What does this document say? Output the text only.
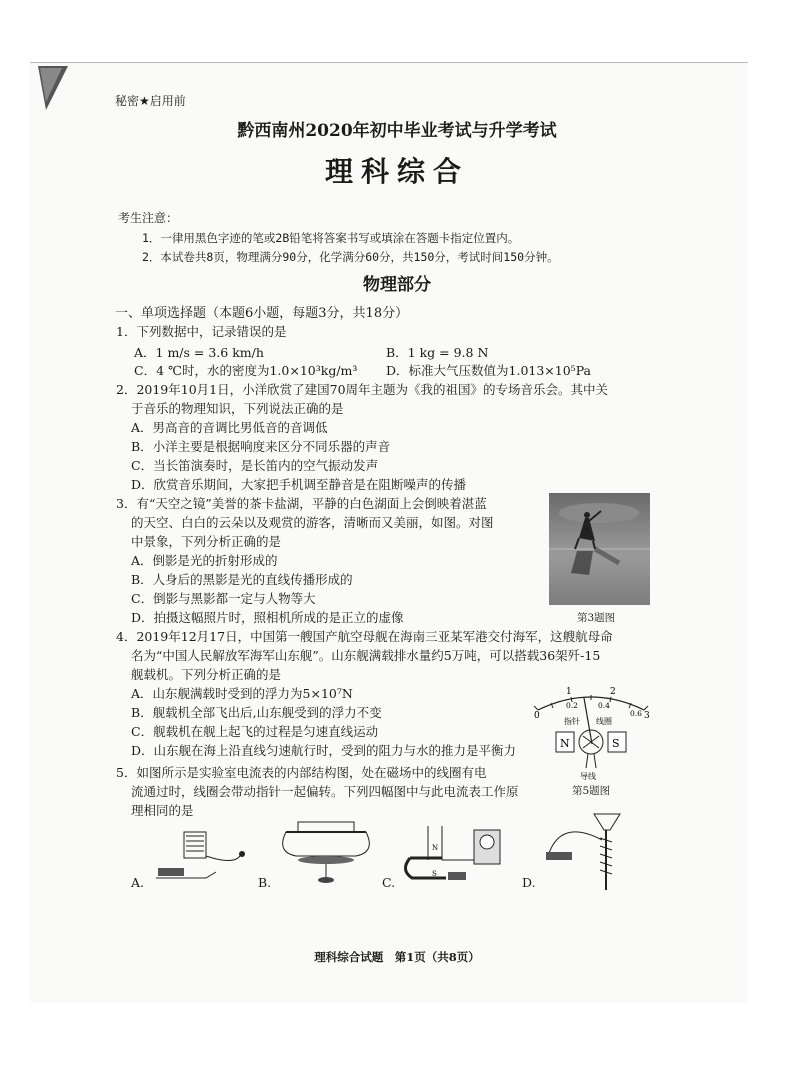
秘密★启用前
黔西南州2020年初中毕业考试与升学考试
理科综合
考生注意：
1．一律用黑色字迹的笔或2B铅笔将答案书写或填涂在答题卡指定位置内。
2．本试卷共8页，物理满分90分，化学满分60分，共150分，考试时间150分钟。
物理部分
一、单项选择题（本题6小题，每题3分，共18分）
1．下列数据中，记录错误的是
A．1 m/s = 3.6 km/h	B．1 kg = 9.8 N
C．4 ℃时，水的密度为1.0×10³kg/m³ D．标准大气压数值为1.013×10⁵Pa
2．2019年10月1日，小洋欣赏了建国70周年主题为《我的祖国》的专场音乐会。其中关
于音乐的物理知识，下列说法正确的是
A．男高音的音调比男低音的音调低
B．小洋主要是根据响度来区分不同乐器的声音
C．当长笛演奏时，是长笛内的空气振动发声
D．欣赏音乐期间，大家把手机调至静音是在阻断噪声的传播
3．有“天空之镜”美誉的茶卡盐湖，平静的白色湖面上会倒映着湛蓝
的天空、白白的云朵以及观赏的游客，清晰而又美丽，如图。对图
中景象，下列分析正确的是
A．倒影是光的折射形成的
B．人身后的黑影是光的直线传播形成的
C．倒影与黑影都一定与人物等大
D．拍摄这幅照片时，照相机所成的是正立的虚像	第3题图
4．2019年12月17日，中国第一艘国产航空母舰在海南三亚某军港交付海军，这艘航母命
名为“中国人民解放军海军山东舰”。山东舰满载排水量约5万吨，可以搭载36架歼-15
舰载机。下列分析正确的是
A．山东舰满载时受到的浮力为5×10⁷N
B．舰载机全部飞出后,山东舰受到的浮力不变
C．舰载机在舰上起飞的过程是匀速直线运动
D．山东舰在海上沿直线匀速航行时，受到的阻力与水的推力是平衡力
0
1	2
3
0.2	0.4
0.6
指针 线圈
N	S
导线
第5题图
5．如图所示是实验室电流表的内部结构图，处在磁场中的线圈有电
流通过时，线圈会带动指针一起偏转。下列四幅图中与此电流表工作原
理相同的是
A.	B.	C.
N
S
D.
理科综合试题　第1页（共8页）
